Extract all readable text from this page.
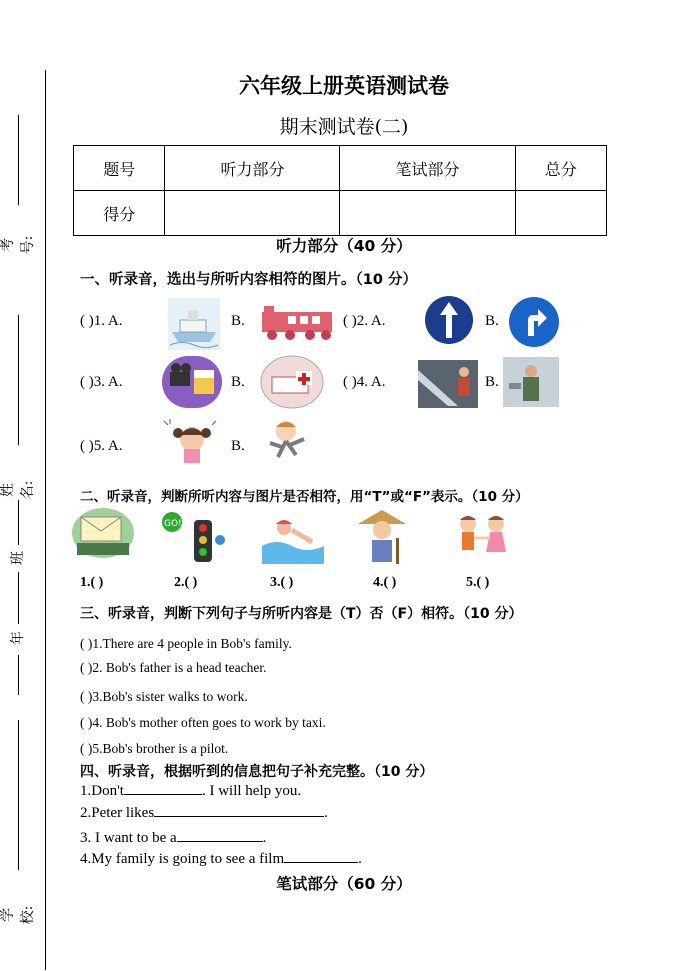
考号:
姓名:
班
年
学校:
六年级上册英语测试卷
期末测试卷(二)
题号	听力部分	笔试部分	总分
得分			
听力部分（40 分）
一、听录音，选出与所听内容相符的图片。（10 分）
( )1. A.	B.	( )2. A.	B.
( )3. A.	B.	( )4. A.	B.
( )5. A.	B.
二、听录音，判断所听内容与图片是否相符，用“T”或“F”表示。（10 分）
GO!
1.( )	2.( )	3.( )	4.( )	5.( )
三、听录音，判断下列句子与所听内容是（T）否（F）相符。（10 分）
( )1.There are 4 people in Bob's family.
( )2. Bob's father is a head teacher.
( )3.Bob's sister walks to work.
( )4. Bob's mother often goes to work by taxi.
( )5.Bob's brother is a pilot.
四、听录音，根据听到的信息把句子补充完整。（10 分）
1.Don't	. I will help you.
2.Peter likes	.
3. I want to be a	.
4.My family is going to see a film	.
笔试部分（60 分）
